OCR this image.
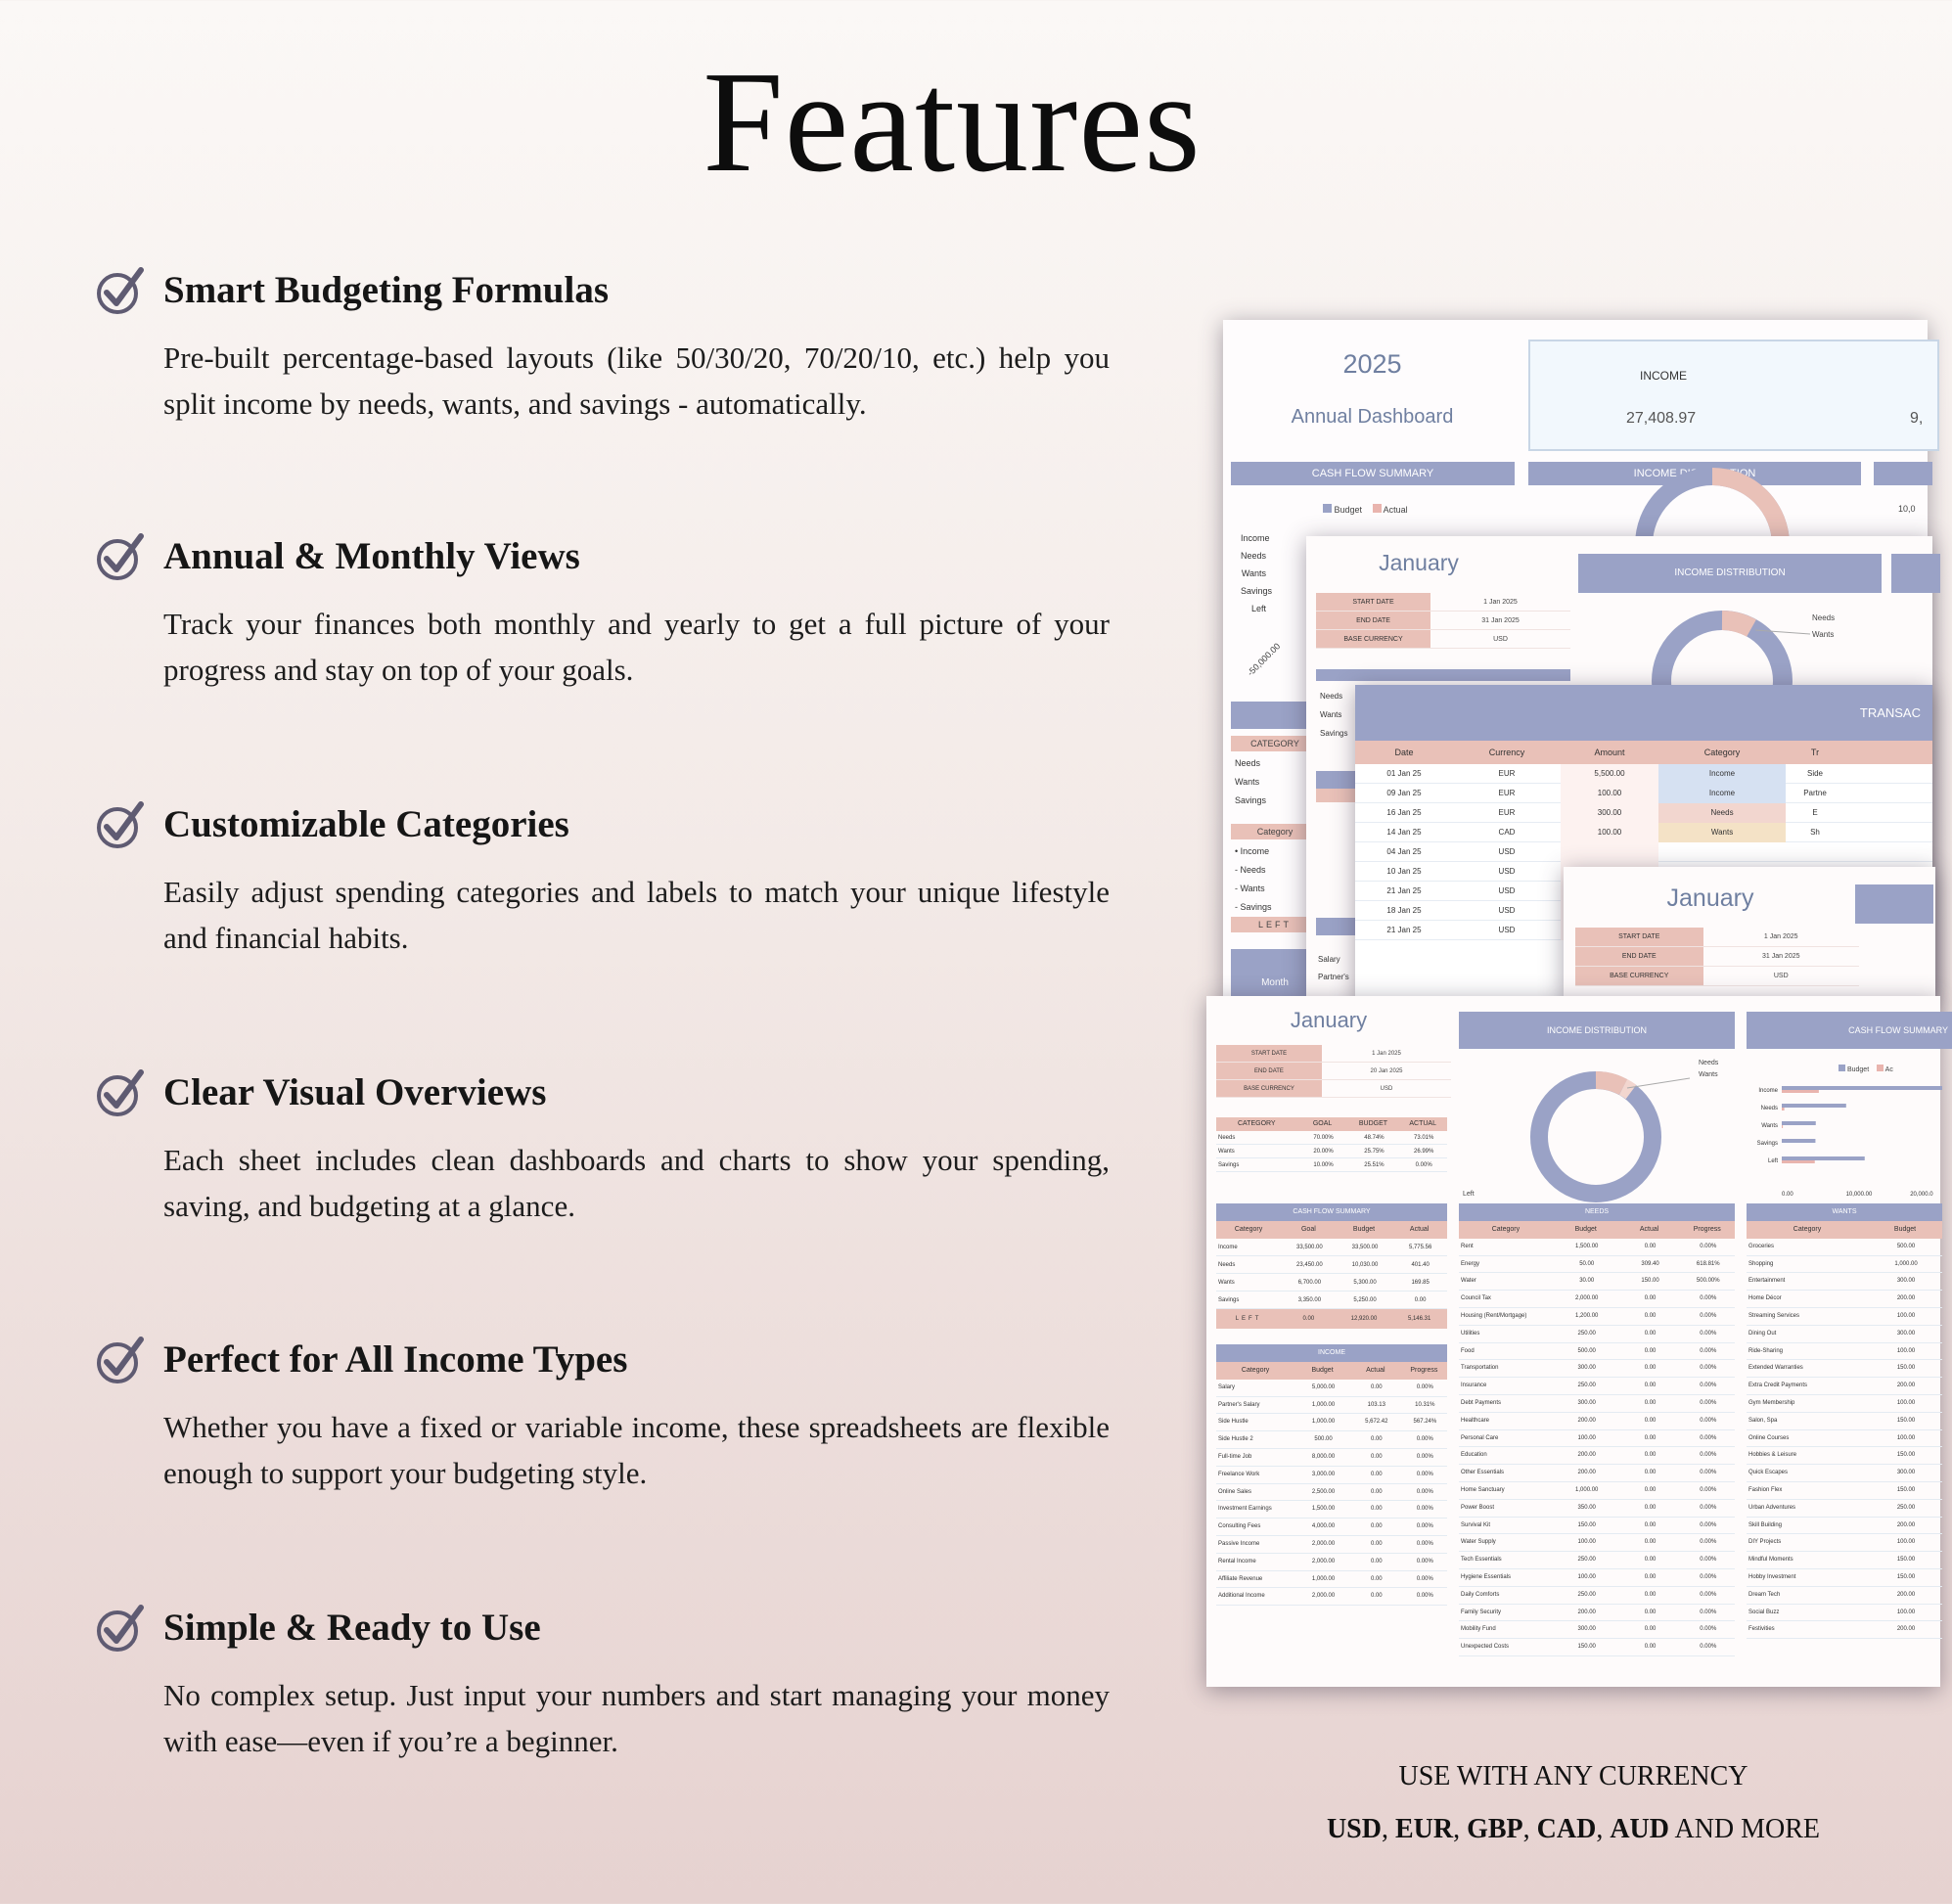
Features
Smart Budgeting Formulas

Pre-built percentage-based layouts (like 50/30/20, 70/20/10, etc.) help you split income by needs, wants, and savings - automatically.

Annual & Monthly Views

Track your finances both monthly and yearly to get a full picture of your progress and stay on top of your goals.

Customizable Categories

Easily adjust spending categories and labels to match your unique lifestyle and financial habits.

Clear Visual Overviews

Each sheet includes clean dashboards and charts to show your spending, saving, and budgeting at a glance.

Perfect for All Income Types

Whether you have a fixed or variable income, these spreadsheets are flexible enough to support your budgeting style.

Simple & Ready to Use

No complex setup. Just input your numbers and start managing your money with ease—even if you’re a beginner.

2025
Annual Dashboard
INCOME
27,408.97	9,
CASH FLOW SUMMARY	INCOME DISTRIBUTION
Budget Actual
Income
Needs
Wants
Savings
Left
-50,000.00
10,0
CATEGORY
Needs
Wants
Savings
Category
• Income
- Needs
- Wants
- Savings
LEFT
Month
January
START DATE	1 Jan 2025
END DATE	31 Jan 2025
BASE CURRENCY	USD
INCOME DISTRIBUTION
Needs
Wants
Needs
Wants
Savings
Salary
Partner's
TRANSAC
Date	Currency	Amount	Category	Tr
01 Jan 25	EUR	5,500.00	Income	Side
09 Jan 25	EUR	100.00	Income	Partne
16 Jan 25	EUR	300.00	Needs	E
14 Jan 25	CAD	100.00	Wants	Sh
04 Jan 25	USD
10 Jan 25	USD
21 Jan 25	USD
18 Jan 25	USD
21 Jan 25	USD
January
START DATE	1 Jan 2025
END DATE	31 Jan 2025
BASE CURRENCY	USD
January
START DATE	1 Jan 2025
END DATE	20 Jan 2025
BASE CURRENCY	USD
CATEGORY	GOAL	BUDGET	ACTUAL
Needs	70.00%	48.74%	73.01%
Wants	20.00%	25.75%	26.99%
Savings	10.00%	25.51%	0.00%
INCOME DISTRIBUTION	CASH FLOW SUMMARY
Needs
Wants
Left
Budget Ac
Income
Needs
Wants
Savings
Left
0.00	10,000.00	20,000.0
CASH FLOW SUMMARY
Category	Goal	Budget	Actual
Income	33,500.00	33,500.00	5,775.56
Needs	23,450.00	10,030.00	401.40
Wants	6,700.00	5,300.00	169.85
Savings	3,350.00	5,250.00	0.00
LEFT	0.00	12,920.00	5,146.31
INCOME
Category	Budget	Actual	Progress
Salary	5,000.00	0.00	0.00%
Partner's Salary	1,000.00	103.13	10.31%
Side Hustle	1,000.00	5,672.42	567.24%
Side Hustle 2	500.00	0.00	0.00%
Full-time Job	8,000.00	0.00	0.00%
Freelance Work	3,000.00	0.00	0.00%
Online Sales	2,500.00	0.00	0.00%
Investment Earnings	1,500.00	0.00	0.00%
Consulting Fees	4,000.00	0.00	0.00%
Passive Income	2,000.00	0.00	0.00%
Rental Income	2,000.00	0.00	0.00%
Affiliate Revenue	1,000.00	0.00	0.00%
Additional Income	2,000.00	0.00	0.00%
NEEDS
Category	Budget	Actual	Progress
Rent	1,500.00	0.00	0.00%
Energy	50.00	309.40	618.81%
Water	30.00	150.00	500.00%
Council Tax	2,000.00	0.00	0.00%
Housing (Rent/Mortgage)	1,200.00	0.00	0.00%
Utilities	250.00	0.00	0.00%
Food	500.00	0.00	0.00%
Transportation	300.00	0.00	0.00%
Insurance	250.00	0.00	0.00%
Debt Payments	300.00	0.00	0.00%
Healthcare	200.00	0.00	0.00%
Personal Care	100.00	0.00	0.00%
Education	200.00	0.00	0.00%
Other Essentials	200.00	0.00	0.00%
Home Sanctuary	1,000.00	0.00	0.00%
Power Boost	350.00	0.00	0.00%
Survival Kit	150.00	0.00	0.00%
Water Supply	100.00	0.00	0.00%
Tech Essentials	250.00	0.00	0.00%
Hygiene Essentials	100.00	0.00	0.00%
Daily Comforts	250.00	0.00	0.00%
Family Security	200.00	0.00	0.00%
Mobility Fund	300.00	0.00	0.00%
Unexpected Costs	150.00	0.00	0.00%
WANTS
Category	Budget
Groceries	500.00
Shopping	1,000.00
Entertainment	300.00
Home Décor	200.00
Streaming Services	100.00
Dining Out	300.00
Ride-Sharing	100.00
Extended Warranties	150.00
Extra Credit Payments	200.00
Gym Membership	100.00
Salon, Spa	150.00
Online Courses	100.00
Hobbies & Leisure	150.00
Quick Escapes	300.00
Fashion Flex	150.00
Urban Adventures	250.00
Skill Building	200.00
DIY Projects	100.00
Mindful Moments	150.00
Hobby Investment	150.00
Dream Tech	200.00
Social Buzz	100.00
Festivities	200.00
USE WITH ANY CURRENCY
USD, EUR, GBP, CAD, AUD AND MORE
